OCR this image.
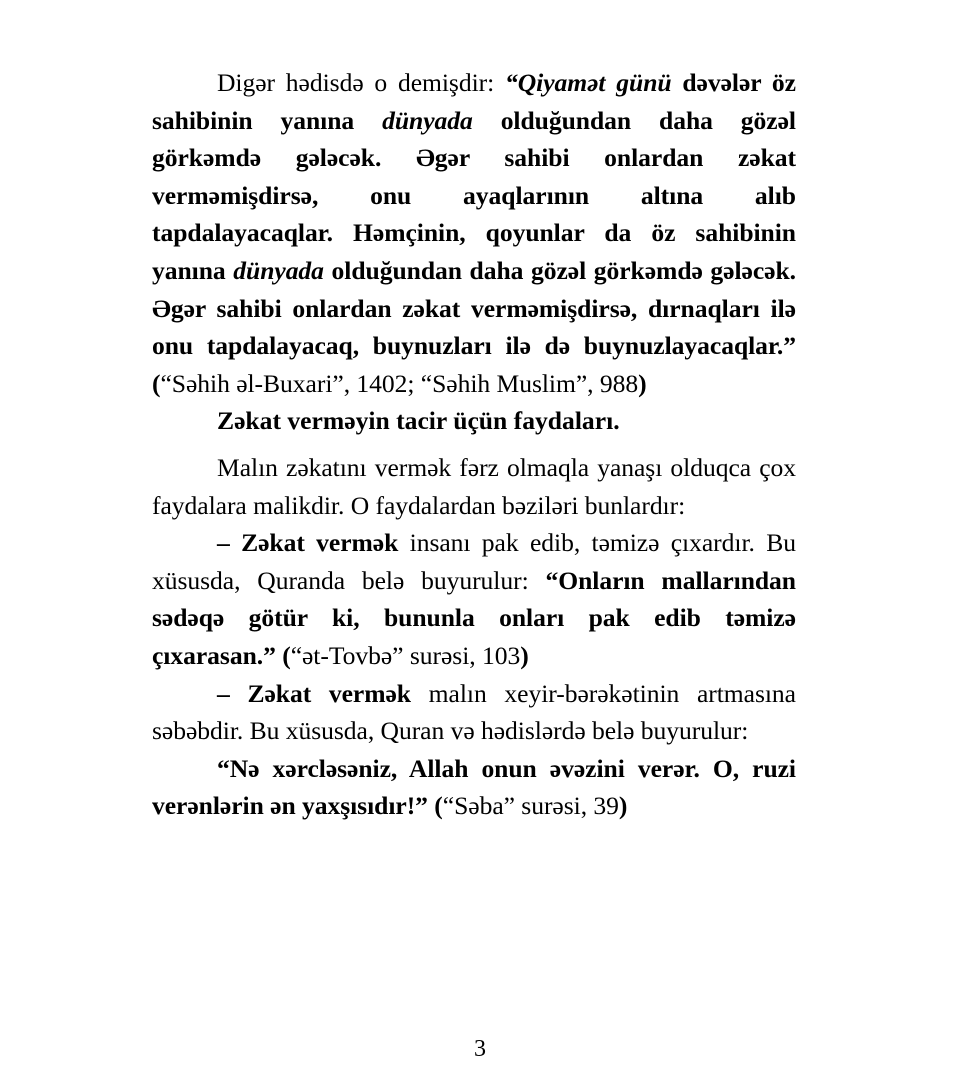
Digər hədisdə o demişdir: “Qiyamət günü dəvələr öz sahibinin yanına dünyada olduğundan daha gözəl görkəmdə gələcək. Əgər sahibi onlardan zəkat verməmişdirsə, onu ayaqlarının altına alıb tapdalayacaqlar. Həmçinin, qoyunlar da öz sahibinin yanına dünyada olduğundan daha gözəl görkəmdə gələcək. Əgər sahibi onlardan zəkat verməmişdirsə, dırnaqları ilə onu tapdalayacaq, buynuzları ilə də buynuzlayacaqlar.” (“Səhih əl-Buxari”, 1402; “Səhih Muslim”, 988)

Zəkat verməyin tacir üçün faydaları.

Malın zəkatını vermək fərz olmaqla yanaşı olduqca çox faydalara malikdir. O faydalardan bəziləri bunlardır:

– Zəkat vermək insanı pak edib, təmizə çıxardır. Bu xüsusda, Quranda belə buyurulur: “Onların mallarından sədəqə götür ki, bununla onları pak edib təmizə çıxarasan.” (“ət-Tovbə” surəsi, 103)

– Zəkat vermək malın xeyir-bərəkətinin artmasına səbəbdir. Bu xüsusda, Quran və hədislərdə belə buyurulur:

“Nə xərcləsəniz, Allah onun əvəzini verər. O, ruzi verənlərin ən yaxşısıdır!” (“Səba” surəsi, 39)

3
